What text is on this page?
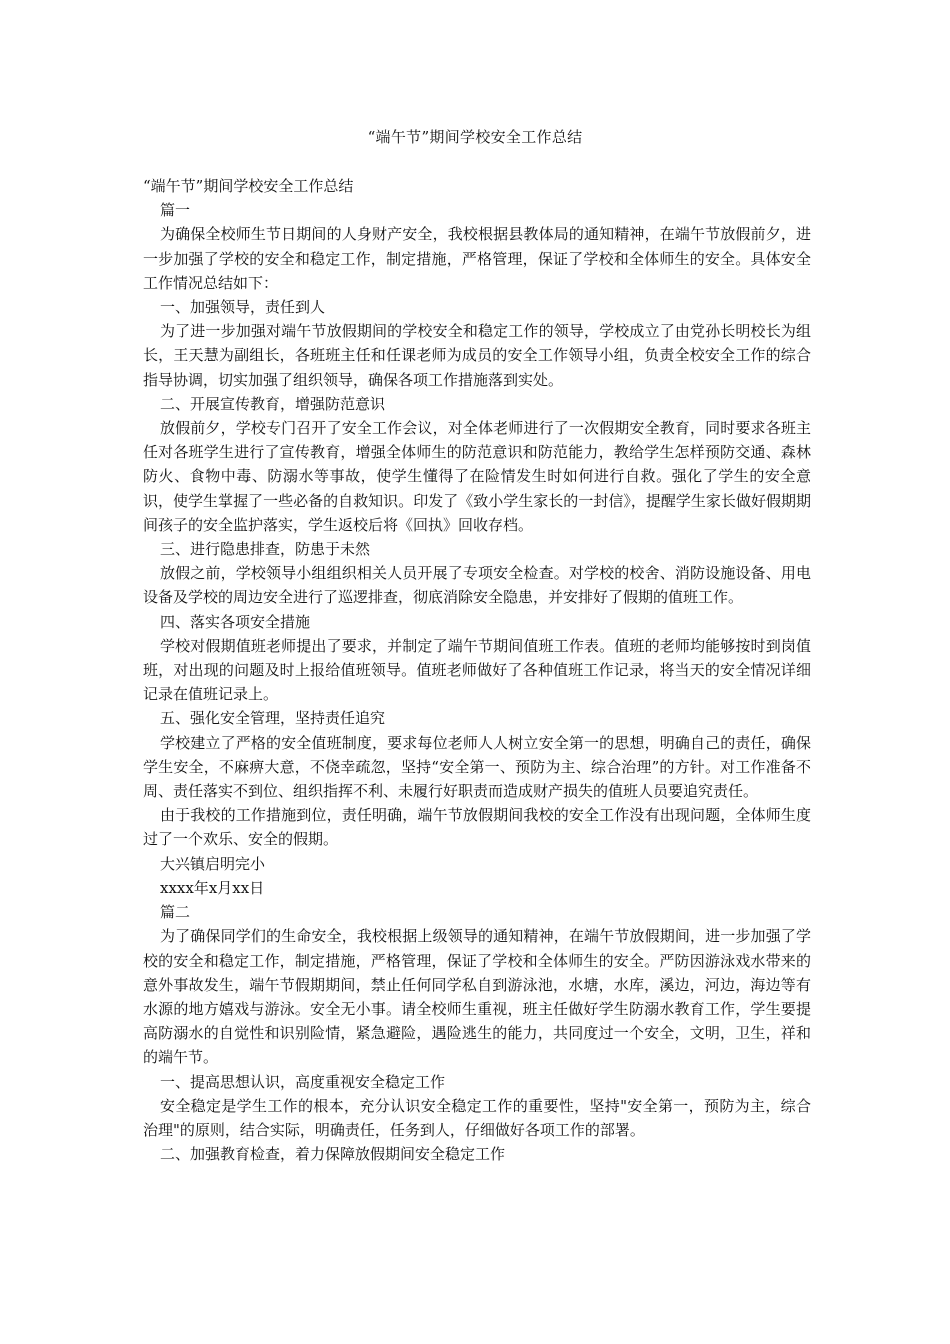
“端午节”期间学校安全工作总结

“端午节”期间学校安全工作总结

篇一

为确保全校师生节日期间的人身财产安全，我校根据县教体局的通知精神，在端午节放假前夕，进一步加强了学校的安全和稳定工作，制定措施，严格管理，保证了学校和全体师生的安全。具体安全工作情况总结如下：

一、加强领导，责任到人

为了进一步加强对端午节放假期间的学校安全和稳定工作的领导，学校成立了由党孙长明校长为组长，王天慧为副组长，各班班主任和任课老师为成员的安全工作领导小组，负责全校安全工作的综合指导协调，切实加强了组织领导，确保各项工作措施落到实处。

二、开展宣传教育，增强防范意识

放假前夕，学校专门召开了安全工作会议，对全体老师进行了一次假期安全教育，同时要求各班主任对各班学生进行了宣传教育，增强全体师生的防范意识和防范能力，教给学生怎样预防交通、森林防火、食物中毒、防溺水等事故，使学生懂得了在险情发生时如何进行自救。强化了学生的安全意识，使学生掌握了一些必备的自救知识。印发了《致小学生家长的一封信》，提醒学生家长做好假期期间孩子的安全监护落实，学生返校后将《回执》回收存档。

三、进行隐患排查，防患于未然

放假之前，学校领导小组组织相关人员开展了专项安全检查。对学校的校舍、消防设施设备、用电设备及学校的周边安全进行了巡逻排查，彻底消除安全隐患，并安排好了假期的值班工作。

四、落实各项安全措施

学校对假期值班老师提出了要求，并制定了端午节期间值班工作表。值班的老师均能够按时到岗值班，对出现的问题及时上报给值班领导。值班老师做好了各种值班工作记录，将当天的安全情况详细记录在值班记录上。

五、强化安全管理，坚持责任追究

学校建立了严格的安全值班制度，要求每位老师人人树立安全第一的思想，明确自己的责任，确保学生安全，不麻痹大意，不侥幸疏忽，坚持“安全第一、预防为主、综合治理”的方针。对工作准备不周、责任落实不到位、组织指挥不利、未履行好职责而造成财产损失的值班人员要追究责任。

由于我校的工作措施到位，责任明确，端午节放假期间我校的安全工作没有出现问题，全体师生度过了一个欢乐、安全的假期。

大兴镇启明完小

xxxx年x月xx日

篇二

为了确保同学们的生命安全，我校根据上级领导的通知精神，在端午节放假期间，进一步加强了学校的安全和稳定工作，制定措施，严格管理，保证了学校和全体师生的安全。严防因游泳戏水带来的意外事故发生，端午节假期期间，禁止任何同学私自到游泳池，水塘，水库，溪边，河边，海边等有水源的地方嬉戏与游泳。安全无小事。请全校师生重视，班主任做好学生防溺水教育工作，学生要提高防溺水的自觉性和识别险情，紧急避险，遇险逃生的能力，共同度过一个安全，文明，卫生，祥和的端午节。

一、提高思想认识，高度重视安全稳定工作

安全稳定是学生工作的根本，充分认识安全稳定工作的重要性，坚持"安全第一，预防为主，综合治理"的原则，结合实际，明确责任，任务到人，仔细做好各项工作的部署。

二、加强教育检查，着力保障放假期间安全稳定工作
